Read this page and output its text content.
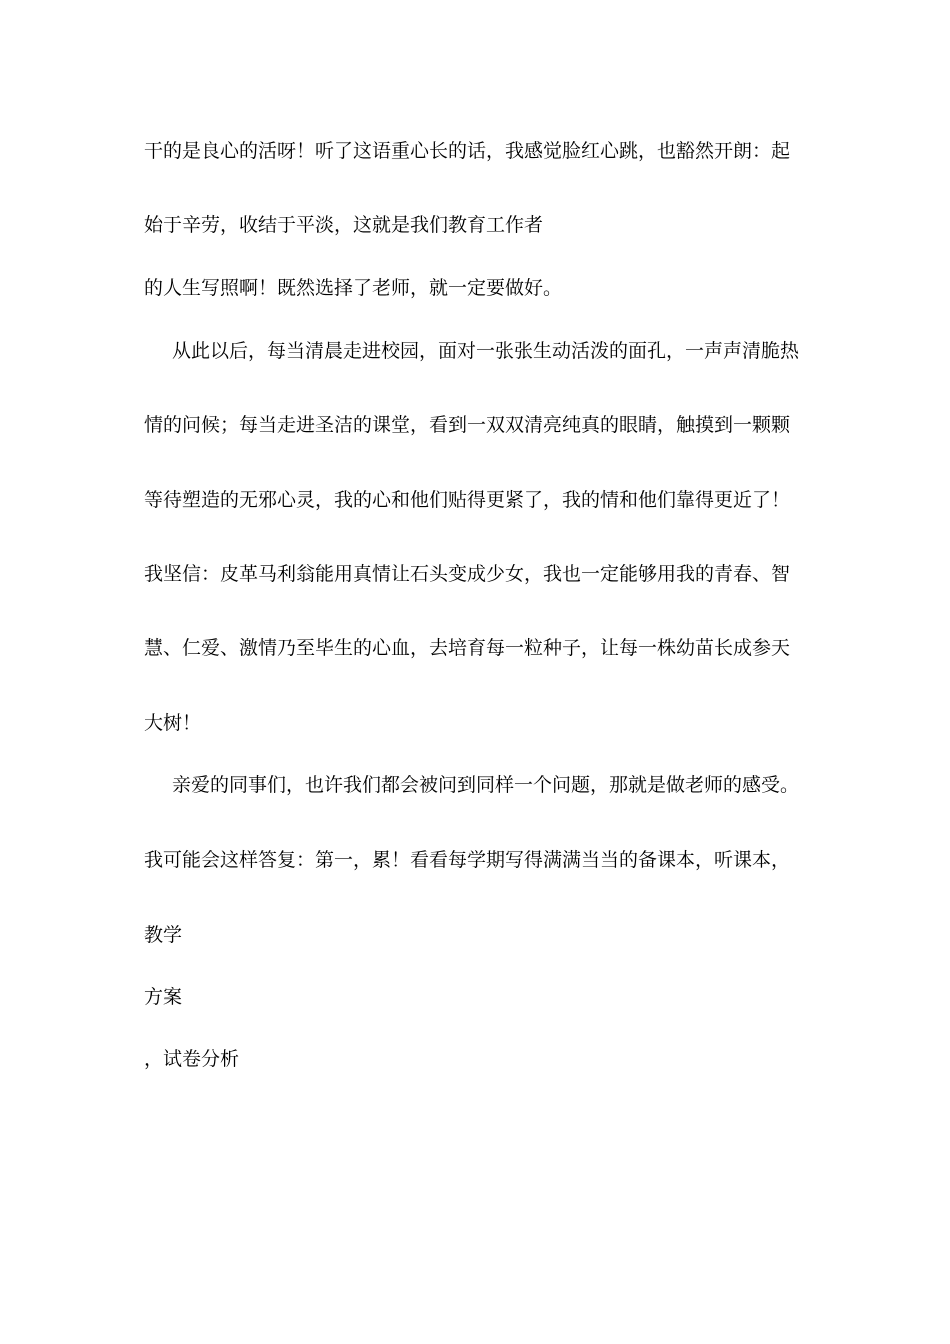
干的是良心的活呀！听了这语重心长的话，我感觉脸红心跳，也豁然开朗：起
始于辛劳，收结于平淡，这就是我们教育工作者
的人生写照啊！既然选择了老师，就一定要做好。
从此以后，每当清晨走进校园，面对一张张生动活泼的面孔，一声声清脆热
情的问候；每当走进圣洁的课堂，看到一双双清亮纯真的眼睛，触摸到一颗颗
等待塑造的无邪心灵，我的心和他们贴得更紧了，我的情和他们靠得更近了！
我坚信：皮革马利翁能用真情让石头变成少女，我也一定能够用我的青春、智
慧、仁爱、激情乃至毕生的心血，去培育每一粒种子，让每一株幼苗长成参天
大树！
亲爱的同事们，也许我们都会被问到同样一个问题，那就是做老师的感受。
我可能会这样答复：第一，累！看看每学期写得满满当当的备课本，听课本，
教学
方案
，试卷分析
